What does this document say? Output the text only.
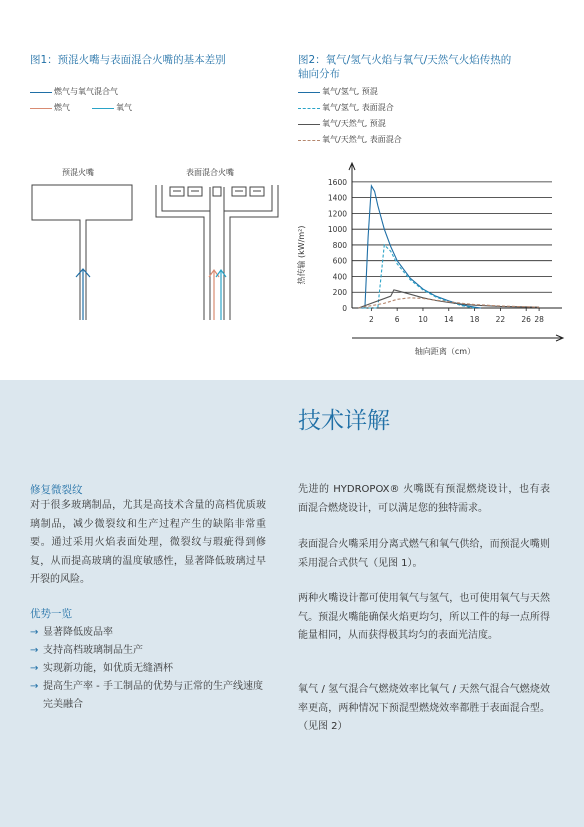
图1：预混火嘴与表面混合火嘴的基本差别
燃气与氧气混合气
燃气	氧气
预混火嘴	表面混合火嘴
图2：氧气/氢气火焰与氧气/天然气火焰传热的
轴向分布
氧气/氢气, 预混
氧气/氢气, 表面混合
氧气/天然气, 预混
氧气/天然气, 表面混合
0
200
400
600
800
1000
1200
1400
1600
2	6 10 14 18 22 26 28
热传输 (kW/m²)
轴向距离（cm）
技术详解
修复微裂纹

对于很多玻璃制品，尤其是高技术含量的高档优质玻璃制品，减少微裂纹和生产过程产生的缺陷非常重要。通过采用火焰表面处理，微裂纹与瑕疵得到修复，从而提高玻璃的温度敏感性，显著降低玻璃过早开裂的风险。

优势一览
→ 显著降低废品率
→ 支持高档玻璃制品生产
→ 实现新功能，如优质无缝酒杯
→ 提高生产率 - 手工制品的优势与正常的生产线速度完美融合

先进的 HYDROPOX® 火嘴既有预混燃烧设计，也有表面混合燃烧设计，可以满足您的独特需求。

表面混合火嘴采用分离式燃气和氧气供给，而预混火嘴则采用混合式供气（见图 1）。

两种火嘴设计都可使用氧气与氢气，也可使用氧气与天然气。预混火嘴能确保火焰更均匀，所以工件的每一点所得能量相同，从而获得极其均匀的表面光洁度。

氧气 / 氢气混合气燃烧效率比氧气 / 天然气混合气燃烧效率更高，两种情况下预混型燃烧效率都胜于表面混合型。（见图 2）
